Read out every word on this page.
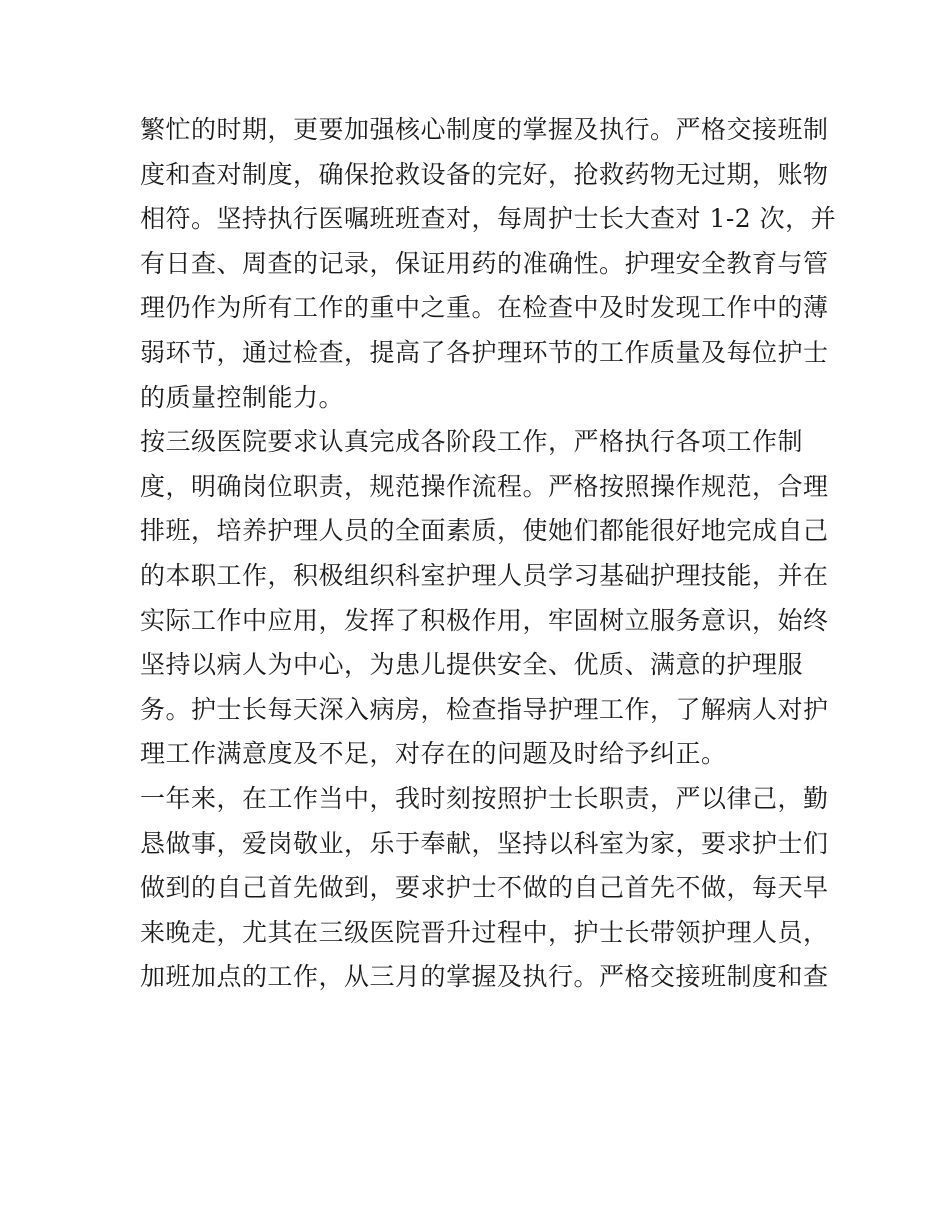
繁忙的时期，更要加强核心制度的掌握及执行。严格交接班制
度和查对制度，确保抢救设备的完好，抢救药物无过期，账物
相符。坚持执行医嘱班班查对，每周护士长大查对 1-2 次，并
有日查、周查的记录，保证用药的准确性。护理安全教育与管
理仍作为所有工作的重中之重。在检查中及时发现工作中的薄
弱环节，通过检查，提高了各护理环节的工作质量及每位护士
的质量控制能力。
按三级医院要求认真完成各阶段工作，严格执行各项工作制
度，明确岗位职责，规范操作流程。严格按照操作规范，合理
排班，培养护理人员的全面素质，使她们都能很好地完成自己
的本职工作，积极组织科室护理人员学习基础护理技能，并在
实际工作中应用，发挥了积极作用，牢固树立服务意识，始终
坚持以病人为中心，为患儿提供安全、优质、满意的护理服
务。护士长每天深入病房，检查指导护理工作，了解病人对护
理工作满意度及不足，对存在的问题及时给予纠正。
一年来，在工作当中，我时刻按照护士长职责，严以律己，勤
恳做事，爱岗敬业，乐于奉献，坚持以科室为家，要求护士们
做到的自己首先做到，要求护士不做的自己首先不做，每天早
来晚走，尤其在三级医院晋升过程中，护士长带领护理人员，
加班加点的工作，从三月的掌握及执行。严格交接班制度和查
